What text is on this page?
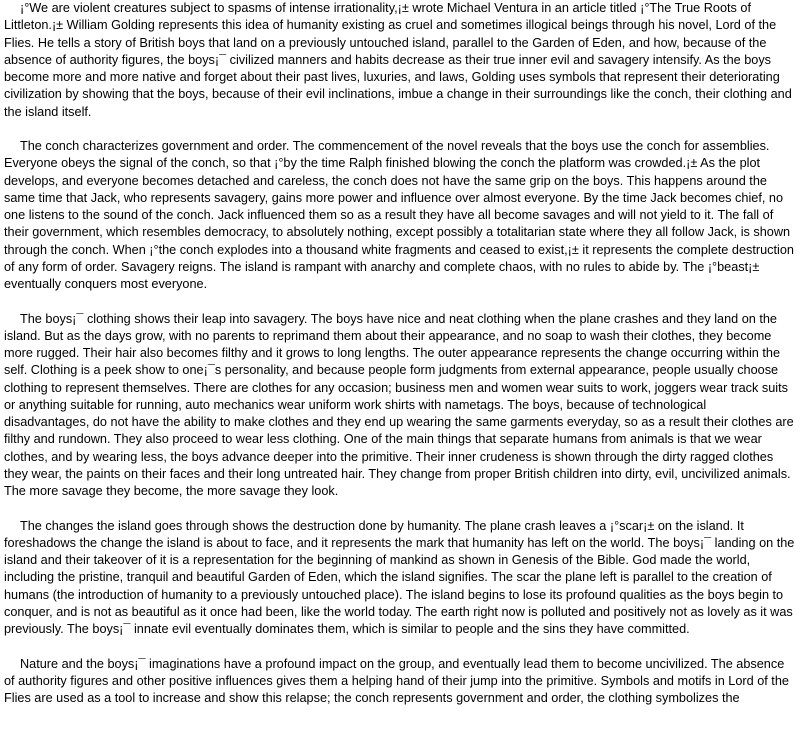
¡°We are violent creatures subject to spasms of intense irrationality,¡± wrote Michael Ventura in an article titled ¡°The True Roots of Littleton.¡± William Golding represents this idea of humanity existing as cruel and sometimes illogical beings through his novel, Lord of the Flies. He tells a story of British boys that land on a previously untouched island, parallel to the Garden of Eden, and how, because of the absence of authority figures, the boys¡¯ civilized manners and habits decrease as their true inner evil and savagery intensify. As the boys become more and more native and forget about their past lives, luxuries, and laws, Golding uses symbols that represent their deteriorating civilization by showing that the boys, because of their evil inclinations, imbue a change in their surroundings like the conch, their clothing and the island itself.

The conch characterizes government and order. The commencement of the novel reveals that the boys use the conch for assemblies. Everyone obeys the signal of the conch, so that ¡°by the time Ralph finished blowing the conch the platform was crowded.¡± As the plot develops, and everyone becomes detached and careless, the conch does not have the same grip on the boys. This happens around the same time that Jack, who represents savagery, gains more power and influence over almost everyone. By the time Jack becomes chief, no one listens to the sound of the conch. Jack influenced them so as a result they have all become savages and will not yield to it. The fall of their government, which resembles democracy, to absolutely nothing, except possibly a totalitarian state where they all follow Jack, is shown through the conch. When ¡°the conch explodes into a thousand white fragments and ceased to exist,¡± it represents the complete destruction of any form of order. Savagery reigns. The island is rampant with anarchy and complete chaos, with no rules to abide by. The ¡°beast¡± eventually conquers most everyone.

The boys¡¯ clothing shows their leap into savagery. The boys have nice and neat clothing when the plane crashes and they land on the island. But as the days grow, with no parents to reprimand them about their appearance, and no soap to wash their clothes, they become more rugged. Their hair also becomes filthy and it grows to long lengths. The outer appearance represents the change occurring within the self. Clothing is a peek show to one¡¯s personality, and because people form judgments from external appearance, people usually choose clothing to represent themselves. There are clothes for any occasion; business men and women wear suits to work, joggers wear track suits or anything suitable for running, auto mechanics wear uniform work shirts with nametags. The boys, because of technological disadvantages, do not have the ability to make clothes and they end up wearing the same garments everyday, so as a result their clothes are filthy and rundown. They also proceed to wear less clothing. One of the main things that separate humans from animals is that we wear clothes, and by wearing less, the boys advance deeper into the primitive. Their inner crudeness is shown through the dirty ragged clothes they wear, the paints on their faces and their long untreated hair. They change from proper British children into dirty, evil, uncivilized animals. The more savage they become, the more savage they look.

The changes the island goes through shows the destruction done by humanity. The plane crash leaves a ¡°scar¡± on the island. It foreshadows the change the island is about to face, and it represents the mark that humanity has left on the world. The boys¡¯ landing on the island and their takeover of it is a representation for the beginning of mankind as shown in Genesis of the Bible. God made the world, including the pristine, tranquil and beautiful Garden of Eden, which the island signifies. The scar the plane left is parallel to the creation of humans (the introduction of humanity to a previously untouched place). The island begins to lose its profound qualities as the boys begin to conquer, and is not as beautiful as it once had been, like the world today. The earth right now is polluted and positively not as lovely as it was previously. The boys¡¯ innate evil eventually dominates them, which is similar to people and the sins they have committed.

Nature and the boys¡¯ imaginations have a profound impact on the group, and eventually lead them to become uncivilized. The absence of authority figures and other positive influences gives them a helping hand of their jump into the primitive. Symbols and motifs in Lord of the Flies are used as a tool to increase and show this relapse; the conch represents government and order, the clothing symbolizes the
